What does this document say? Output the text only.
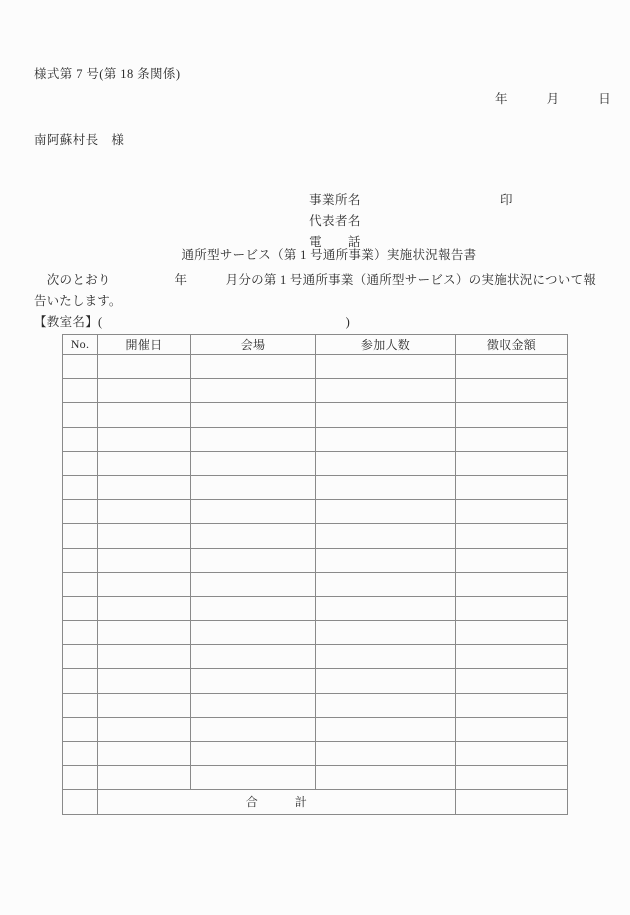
様式第 7 号(第 18 条関係)
年　　　月　　　日
南阿蘇村長　様

事業所名

代表者名

印

電　　話

通所型サービス（第 1 号通所事業）実施状況報告書
　次のとおり　　　　　年　　　月分の第 1 号通所事業（通所型サービス）の実施状況について報告いたします。
【教室名】(　　　　　　　　　　　　　　　　　　　)
No.	開催日	会場	参加人数	徴収金額

	合　　　計			
